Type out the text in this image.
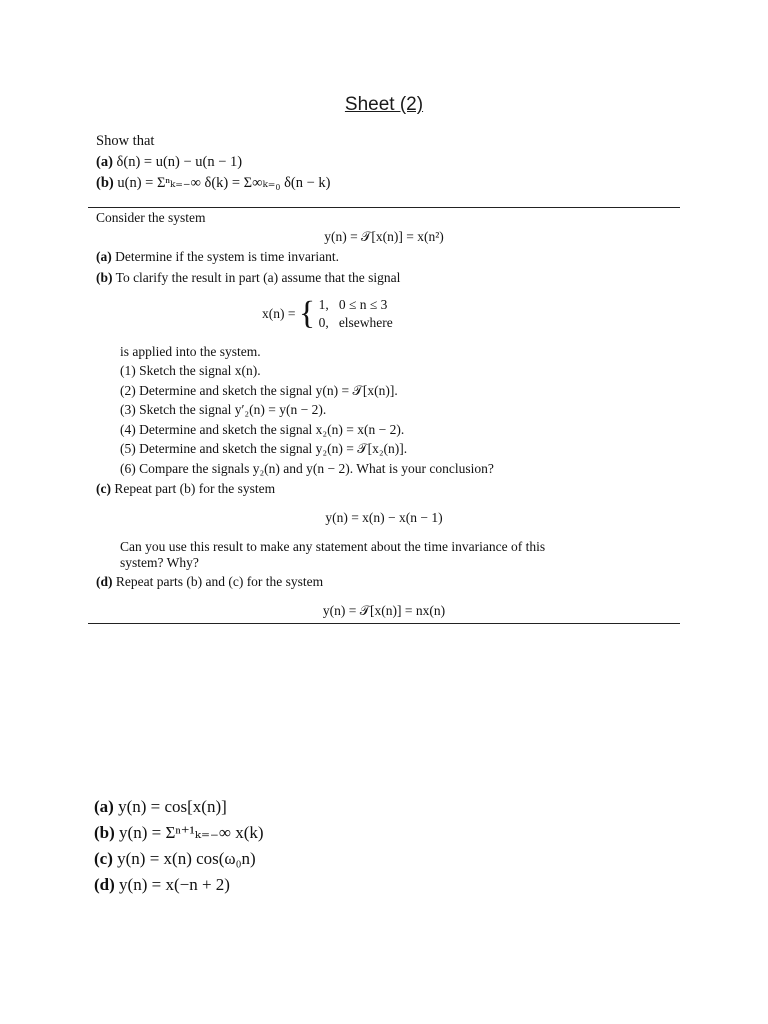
Sheet (2)
Show that
(a) δ(n) = u(n) − u(n − 1)
(b) u(n) = Σⁿₖ₌₋∞ δ(k) = Σ∞ₖ₌₀ δ(n − k)
Consider the system
y(n) = 𝒯[x(n)] = x(n²)
(a) Determine if the system is time invariant.
(b) To clarify the result in part (a) assume that the signal
x(n) = { 1, 0 ≤ n ≤ 3
0, elsewhere
is applied into the system.
(1) Sketch the signal x(n).
(2) Determine and sketch the signal y(n) = 𝒯[x(n)].
(3) Sketch the signal y′₂(n) = y(n − 2).
(4) Determine and sketch the signal x₂(n) = x(n − 2).
(5) Determine and sketch the signal y₂(n) = 𝒯[x₂(n)].
(6) Compare the signals y₂(n) and y(n − 2). What is your conclusion?
(c) Repeat part (b) for the system
y(n) = x(n) − x(n − 1)
Can you use this result to make any statement about the time invariance of this
system? Why?
(d) Repeat parts (b) and (c) for the system
y(n) = 𝒯[x(n)] = nx(n)
(a) y(n) = cos[x(n)]
(b) y(n) = Σⁿ⁺¹ₖ₌₋∞ x(k)
(c) y(n) = x(n) cos(ω₀n)
(d) y(n) = x(−n + 2)
